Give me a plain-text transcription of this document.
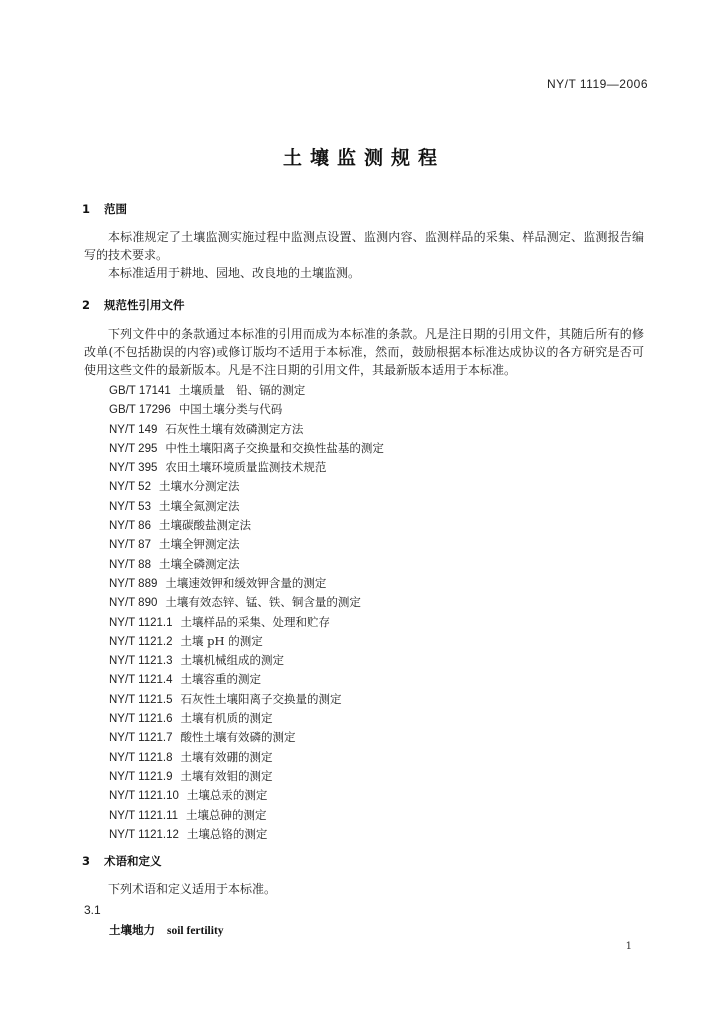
NY/T 1119—2006
土壤监测规程
1 范围
本标准规定了土壤监测实施过程中监测点设置、监测内容、监测样品的采集、样品测定、监测报告编写的技术要求。
本标准适用于耕地、园地、改良地的土壤监测。
2 规范性引用文件
下列文件中的条款通过本标准的引用而成为本标准的条款。凡是注日期的引用文件，其随后所有的修改单(不包括勘误的内容)或修订版均不适用于本标准，然而，鼓励根据本标准达成协议的各方研究是否可使用这些文件的最新版本。凡是不注日期的引用文件，其最新版本适用于本标准。
GB/T 17141 土壤质量　铅、镉的测定
GB/T 17296 中国土壤分类与代码
NY/T 149 石灰性土壤有效磷测定方法
NY/T 295 中性土壤阳离子交换量和交换性盐基的测定
NY/T 395 农田土壤环境质量监测技术规范
NY/T 52 土壤水分测定法
NY/T 53 土壤全氮测定法
NY/T 86 土壤碳酸盐测定法
NY/T 87 土壤全钾测定法
NY/T 88 土壤全磷测定法
NY/T 889 土壤速效钾和缓效钾含量的测定
NY/T 890 土壤有效态锌、锰、铁、铜含量的测定
NY/T 1121.1 土壤样品的采集、处理和贮存
NY/T 1121.2 土壤 pH 的测定
NY/T 1121.3 土壤机械组成的测定
NY/T 1121.4 土壤容重的测定
NY/T 1121.5 石灰性土壤阳离子交换量的测定
NY/T 1121.6 土壤有机质的测定
NY/T 1121.7 酸性土壤有效磷的测定
NY/T 1121.8 土壤有效硼的测定
NY/T 1121.9 土壤有效钼的测定
NY/T 1121.10 土壤总汞的测定
NY/T 1121.11 土壤总砷的测定
NY/T 1121.12 土壤总铬的测定
3 术语和定义
下列术语和定义适用于本标准。
3.1
土壤地力 soil fertility
1
